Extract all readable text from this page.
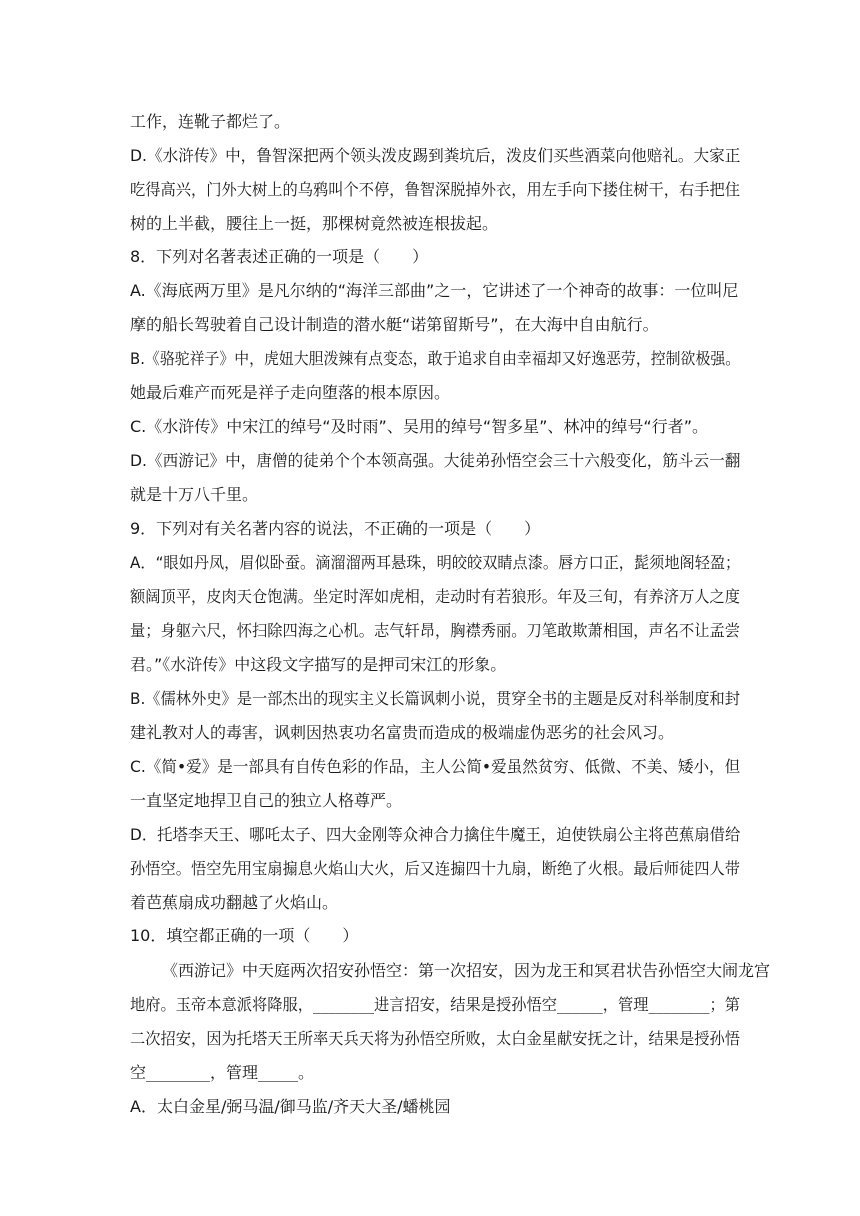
工作，连靴子都烂了。
D.《水浒传》中，鲁智深把两个领头泼皮踢到粪坑后，泼皮们买些酒菜向他赔礼。大家正
吃得高兴，门外大树上的乌鸦叫个不停，鲁智深脱掉外衣，用左手向下搂住树干，右手把住
树的上半截，腰往上一挺，那棵树竟然被连根拔起。
8．下列对名著表述正确的一项是（　　）
A.《海底两万里》是凡尔纳的“海洋三部曲”之一，它讲述了一个神奇的故事：一位叫尼
摩的船长驾驶着自己设计制造的潜水艇“诺第留斯号”，在大海中自由航行。
B.《骆驼祥子》中，虎妞大胆泼辣有点变态，敢于追求自由幸福却又好逸恶劳，控制欲极强。
她最后难产而死是祥子走向堕落的根本原因。
C.《水浒传》中宋江的绰号“及时雨”、吴用的绰号“智多星”、林冲的绰号“行者”。
D.《西游记》中，唐僧的徒弟个个本领高强。大徒弟孙悟空会三十六般变化，筋斗云一翻
就是十万八千里。
9．下列对有关名著内容的说法，不正确的一项是（　　）
A．“眼如丹凤，眉似卧蚕。滴溜溜两耳悬珠，明皎皎双睛点漆。唇方口正，髭须地阁轻盈；
额阔顶平，皮肉天仓饱满。坐定时浑如虎相，走动时有若狼形。年及三旬，有养济万人之度
量；身躯六尺，怀扫除四海之心机。志气轩昂，胸襟秀丽。刀笔敢欺萧相国，声名不让孟尝
君。”《水浒传》中这段文字描写的是押司宋江的形象。
B.《儒林外史》是一部杰出的现实主义长篇讽刺小说，贯穿全书的主题是反对科举制度和封
建礼教对人的毒害，讽刺因热衷功名富贵而造成的极端虚伪恶劣的社会风习。
C.《简•爱》是一部具有自传色彩的作品，主人公简•爱虽然贫穷、低微、不美、矮小，但
一直坚定地捍卫自己的独立人格尊严。
D．托塔李天王、哪吒太子、四大金刚等众神合力擒住牛魔王，迫使铁扇公主将芭蕉扇借给
孙悟空。悟空先用宝扇搧息火焰山大火，后又连搧四十九扇，断绝了火根。最后师徒四人带
着芭蕉扇成功翻越了火焰山。
10．填空都正确的一项（　　）
《西游记》中天庭两次招安孙悟空：第一次招安，因为龙王和冥君状告孙悟空大闹龙宫
地府。玉帝本意派将降服，________进言招安，结果是授孙悟空______，管理________；第
二次招安，因为托塔天王所率天兵天将为孙悟空所败，太白金星献安抚之计，结果是授孙悟
空________，管理_____。
A．太白金星/弼马温/御马监/齐天大圣/蟠桃园
